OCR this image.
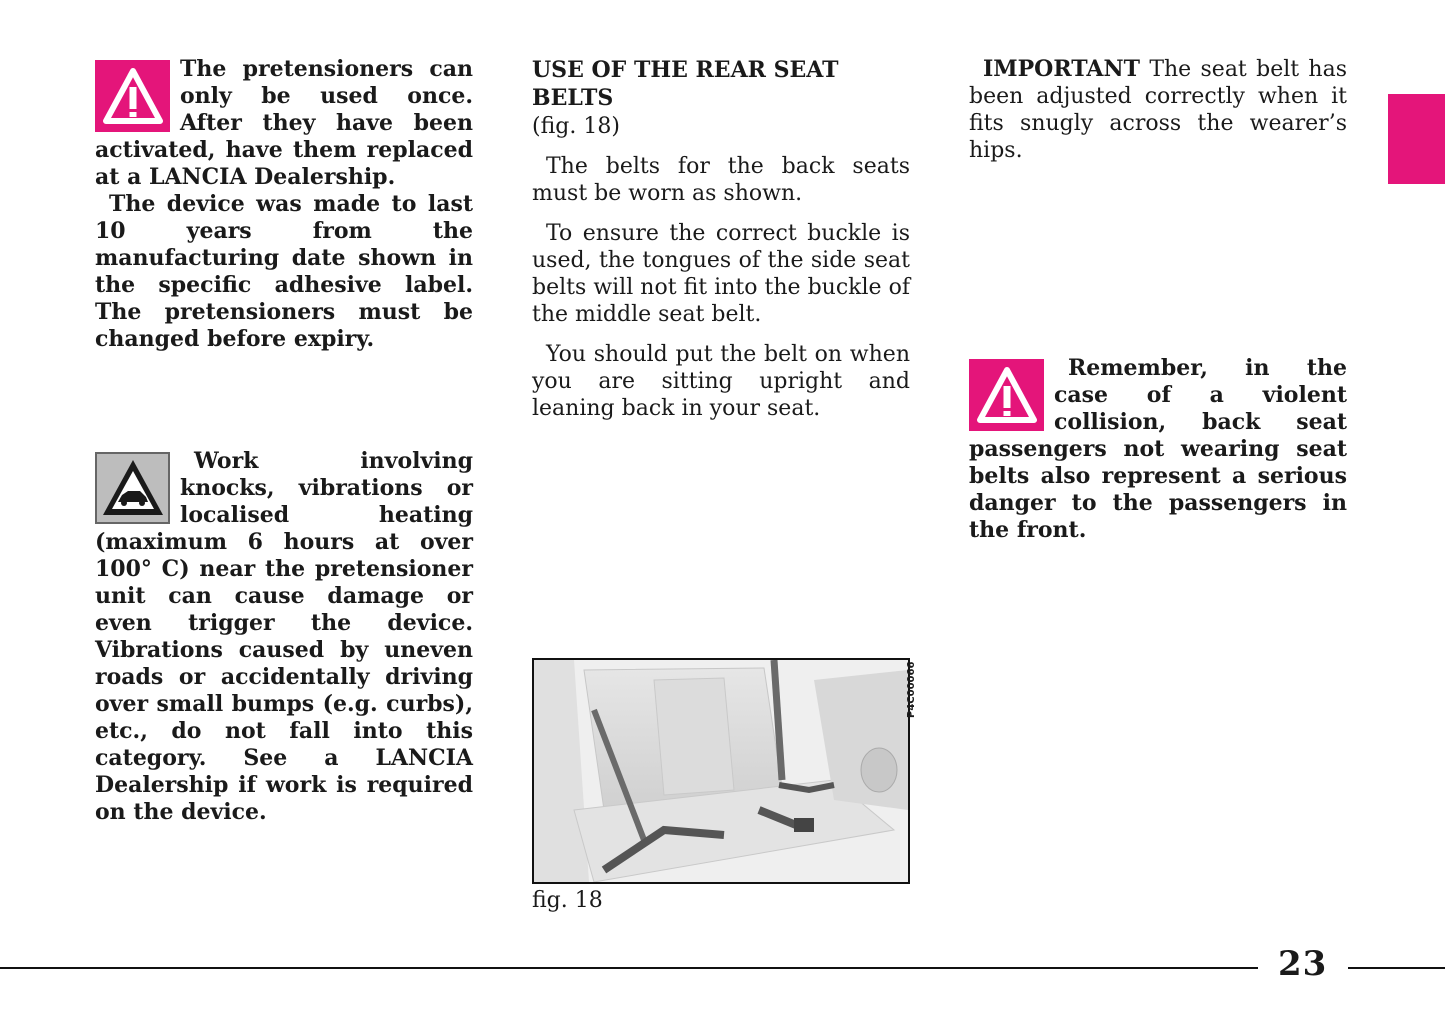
The pretensioners can only be used once. After they have been activated, have them replaced at a LANCIA Dealership.

The device was made to last 10 years from the manufacturing date shown in the specific adhesive label. The pretensioners must be changed before expiry.

Work involving knocks, vibrations or localised heating (maximum 6 hours at over 100° C) near the pretensioner unit can cause damage or even trigger the device. Vibrations caused by uneven roads or accidentally driving over small bumps (e.g. curbs), etc., do not fall into this category. See a LANCIA Dealership if work is required on the device.

USE OF THE REAR SEAT BELTS
(fig. 18)

The belts for the back seats must be worn as shown.

To ensure the correct buckle is used, the tongues of the side seat belts will not fit into the buckle of the middle seat belt.

You should put the belt on when you are sitting upright and leaning back in your seat.

P4C00066
fig. 18

IMPORTANT The seat belt has been adjusted correctly when it fits snugly across the wearer’s hips.

Remember, in the case of a violent collision, back seat passengers not wearing seat belts also represent a serious danger to the passengers in the front.

23
